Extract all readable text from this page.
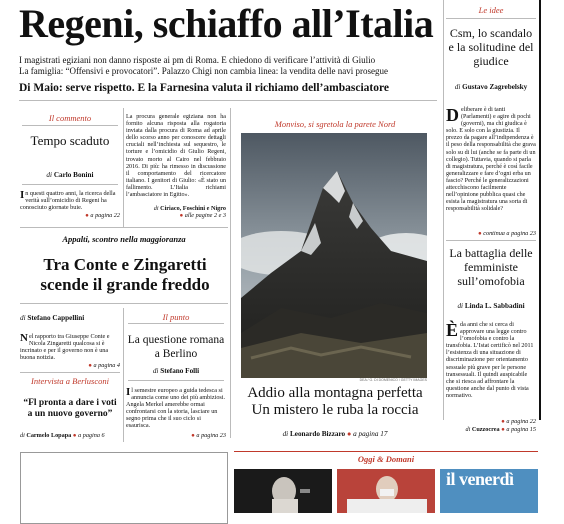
Regeni, schiaffo all’Italia
I magistrati egiziani non danno risposte ai pm di Roma. E chiedono di verificare l’attività di Giulio
La famiglia: “Offensivi e provocatori”. Palazzo Chigi non cambia linea: la vendita delle navi prosegue
Di Maio: serve rispetto. E la Farnesina valuta il richiamo dell’ambasciatore
Le idee
Csm, lo scandalo e la solitudine del giudice
di Gustavo Zagrebelsky
D eliberare è di tanti (Parlamenti) e agire di pochi (governi), ma chi giudica è solo. E solo con la giustizia. Il prezzo da pagare all’indipendenza è il peso della responsabilità che grava solo su di lui (anche se fa parte di un collegio). Tuttavia, quando si parla di magistratura, perché è così facile generalizzare e fare d’ogni erba un fascio? Perché le generalizzazioni attecchiscono facilmente nell’opinione pubblica quasi che esista la magistratura una sorta di responsabilità solidale?
● continua a pagina 23
La battaglia delle femministe sull’omofobia
di Linda L. Sabbadini
È da anni che si cerca di approvare una legge contro l’omofobia e contro la transfobia. L’Istat certificò nel 2011 l’esistenza di una situazione di discriminazione per orientamento sessuale più grave per le persone transessuali. Il quindi auspicabile che si riesca ad affrontare la questione anche dal punto di vista normativo.
● a pagina 22
di Cuzzocrea ● a pagina 15
Il commento
Tempo scaduto
di Carlo Bonini
I n questi quattro anni, la ricerca della verità sull’omicidio di Regeni ha conosciuto giornate buie.
● a pagina 22
La procura generale egiziana non ha fornito alcuna risposta alla rogatoria inviata dalla procura di Roma ad aprile dello scorso anno per conoscere dettagli cruciali nell’inchiesta sul sequestro, le torture e l’omicidio di Giulio Regeni, trovato morto al Cairo nel febbraio 2016. Di più: ha rimesso in discussione il comportamento del ricercatore italiano. I genitori di Giulio: «È stato un fallimento. L’Italia richiami l’ambasciatore in Egitto».
di Ciriaco, Foschini e Nigro
● alle pagine 2 e 3
Appalti, scontro nella maggioranza
Tra Conte e Zingaretti scende il grande freddo
di Stefano Cappellini
N el rapporto tra Giuseppe Conte e Nicola Zingaretti qualcosa si è incrinato e per il governo non è una buona notizia.
● a pagina 4
Intervista a Berlusconi
“Fl pronta a dare i voti a un nuovo governo”
di Carmelo Lopapa ● a pagina 6
Il punto
La questione romana a Berlino
di Stefano Folli
I l semestre europeo a guida tedesca si annuncia come uno dei più ambiziosi. Angela Merkel amerebbe ormai confrontarsi con la storia, lasciare un segno prima che il suo ciclo si esaurisca.
● a pagina 23
Monviso, si sgretola la parete Nord
DEA / G. DI DOMENICO / GETTY IMAGES
Addio alla montagna perfetta
Un mistero le ruba la roccia
di Leonardo Bizzaro ● a pagina 17
Oggi & Domani
il venerdì
